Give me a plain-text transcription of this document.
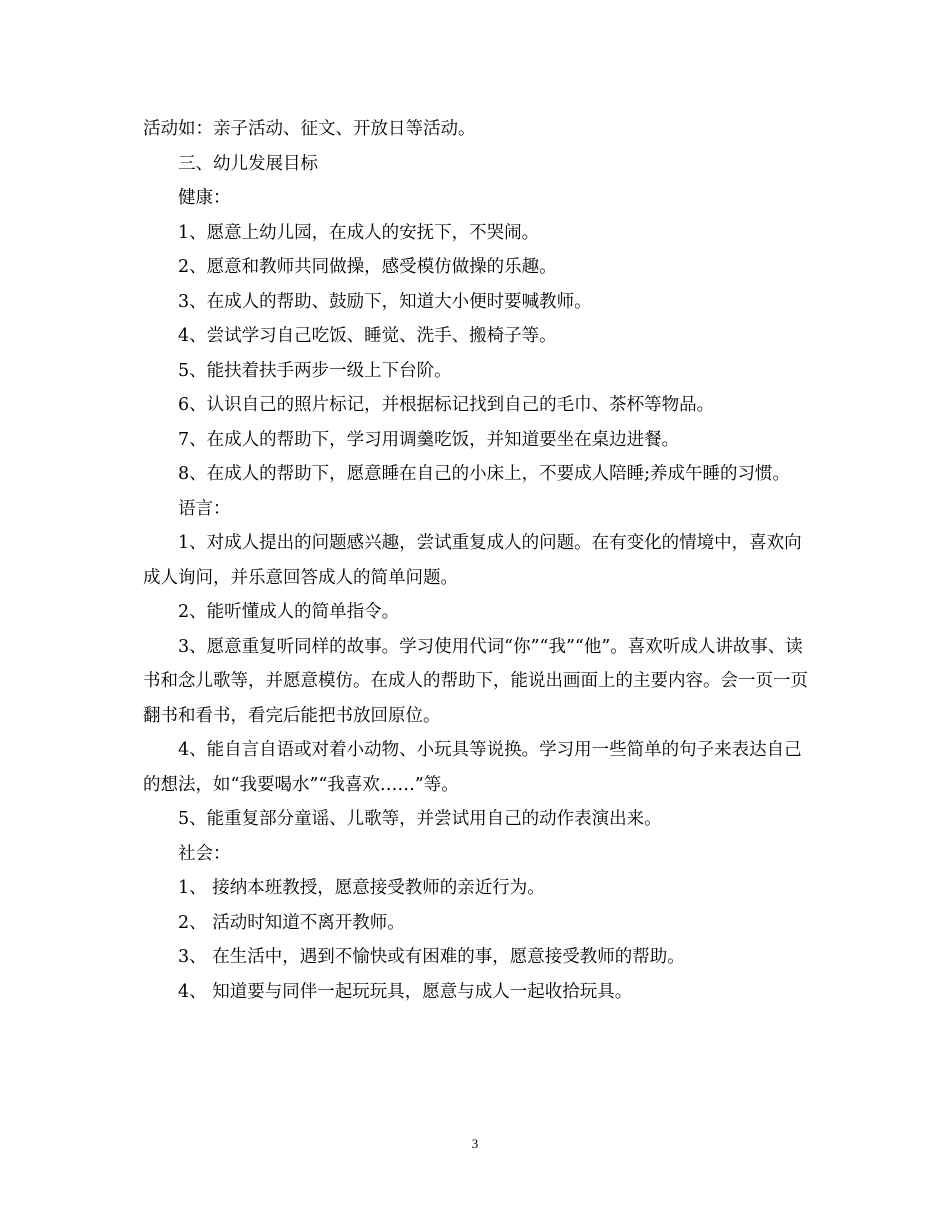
活动如：亲子活动、征文、开放日等活动。

三、幼儿发展目标

健康：

1、愿意上幼儿园，在成人的安抚下，不哭闹。

2、愿意和教师共同做操，感受模仿做操的乐趣。

3、在成人的帮助、鼓励下，知道大小便时要喊教师。

4、尝试学习自己吃饭、睡觉、洗手、搬椅子等。

5、能扶着扶手两步一级上下台阶。

6、认识自己的照片标记，并根据标记找到自己的毛巾、茶杯等物品。

7、在成人的帮助下，学习用调羹吃饭，并知道要坐在桌边进餐。

8、在成人的帮助下，愿意睡在自己的小床上，不要成人陪睡;养成午睡的习惯。

语言：

1、对成人提出的问题感兴趣，尝试重复成人的问题。在有变化的情境中，喜欢向成人询问，并乐意回答成人的简单问题。

2、能听懂成人的简单指令。

3、愿意重复听同样的故事。学习使用代词“你”“我”“他”。喜欢听成人讲故事、读书和念儿歌等，并愿意模仿。在成人的帮助下，能说出画面上的主要内容。会一页一页翻书和看书，看完后能把书放回原位。

4、能自言自语或对着小动物、小玩具等说换。学习用一些简单的句子来表达自己的想法，如“我要喝水”“我喜欢……”等。

5、能重复部分童谣、儿歌等，并尝试用自己的动作表演出来。

社会：

1、 接纳本班教授，愿意接受教师的亲近行为。

2、 活动时知道不离开教师。

3、 在生活中，遇到不愉快或有困难的事，愿意接受教师的帮助。

4、 知道要与同伴一起玩玩具，愿意与成人一起收拾玩具。

3
